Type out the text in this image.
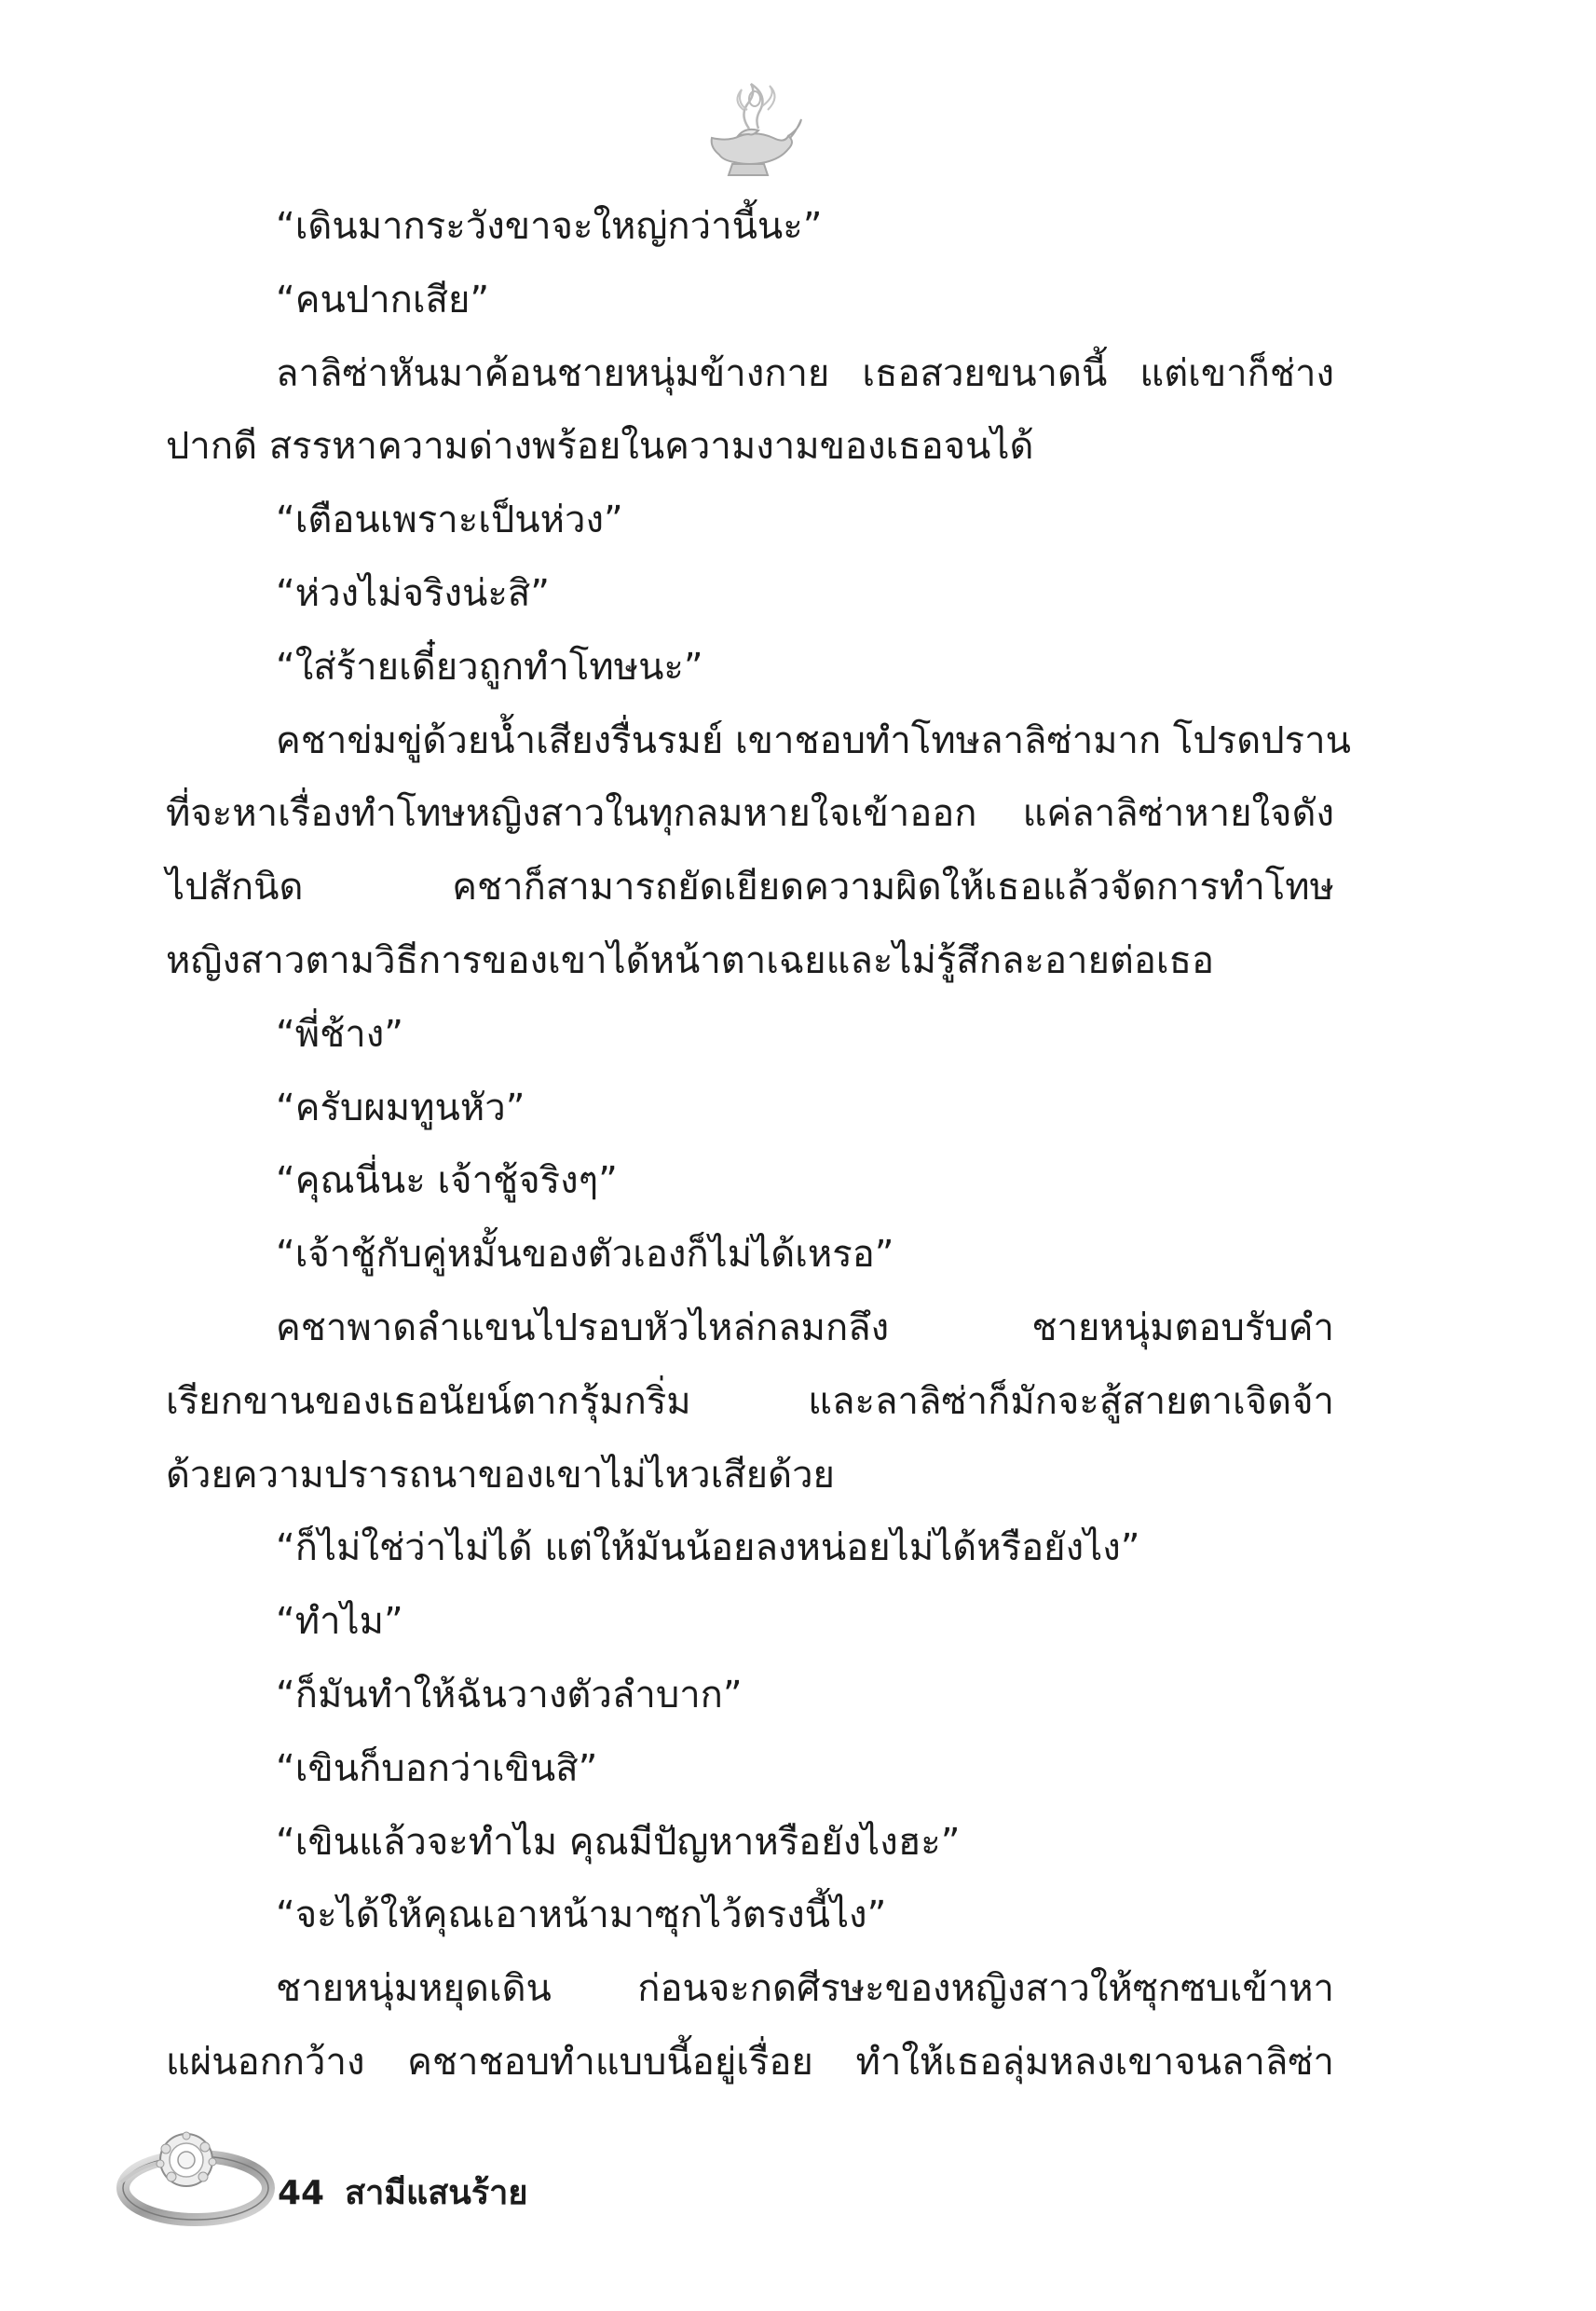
“เดินมากระวังขาจะใหญ่กว่านี้นะ”
“คนปากเสีย”
ลาลิซ่าหันมาค้อนชายหนุ่มข้างกาย เธอสวยขนาดนี้ แต่เขาก็ช่าง
ปากดี สรรหาความด่างพร้อยในความงามของเธอจนได้
“เตือนเพราะเป็นห่วง”
“ห่วงไม่จริงน่ะสิ”
“ใส่ร้ายเดี๋ยวถูกทำโทษนะ”
คชาข่มขู่ด้วยน้ำเสียงรื่นรมย์ เขาชอบทำโทษลาลิซ่ามาก โปรดปราน
ที่จะหาเรื่องทำโทษหญิงสาวในทุกลมหายใจเข้าออก แค่ลาลิซ่าหายใจดัง
ไปสักนิด คชาก็สามารถยัดเยียดความผิดให้เธอแล้วจัดการทำโทษ
หญิงสาวตามวิธีการของเขาได้หน้าตาเฉยและไม่รู้สึกละอายต่อเธอ
“พี่ช้าง”
“ครับผมทูนหัว”
“คุณนี่นะ เจ้าชู้จริงๆ”
“เจ้าชู้กับคู่หมั้นของตัวเองก็ไม่ได้เหรอ”
คชาพาดลำแขนไปรอบหัวไหล่กลมกลึง ชายหนุ่มตอบรับคำ
เรียกขานของเธอนัยน์ตากรุ้มกริ่ม และลาลิซ่าก็มักจะสู้สายตาเจิดจ้า
ด้วยความปรารถนาของเขาไม่ไหวเสียด้วย
“ก็ไม่ใช่ว่าไม่ได้ แต่ให้มันน้อยลงหน่อยไม่ได้หรือยังไง”
“ทำไม”
“ก็มันทำให้ฉันวางตัวลำบาก”
“เขินก็บอกว่าเขินสิ”
“เขินแล้วจะทำไม คุณมีปัญหาหรือยังไงฮะ”
“จะได้ให้คุณเอาหน้ามาซุกไว้ตรงนี้ไง”
ชายหนุ่มหยุดเดิน ก่อนจะกดศีรษะของหญิงสาวให้ซุกซบเข้าหา
แผ่นอกกว้าง คชาชอบทำแบบนี้อยู่เรื่อย ทำให้เธอลุ่มหลงเขาจนลาลิซ่า
44 สามีแสนร้าย
